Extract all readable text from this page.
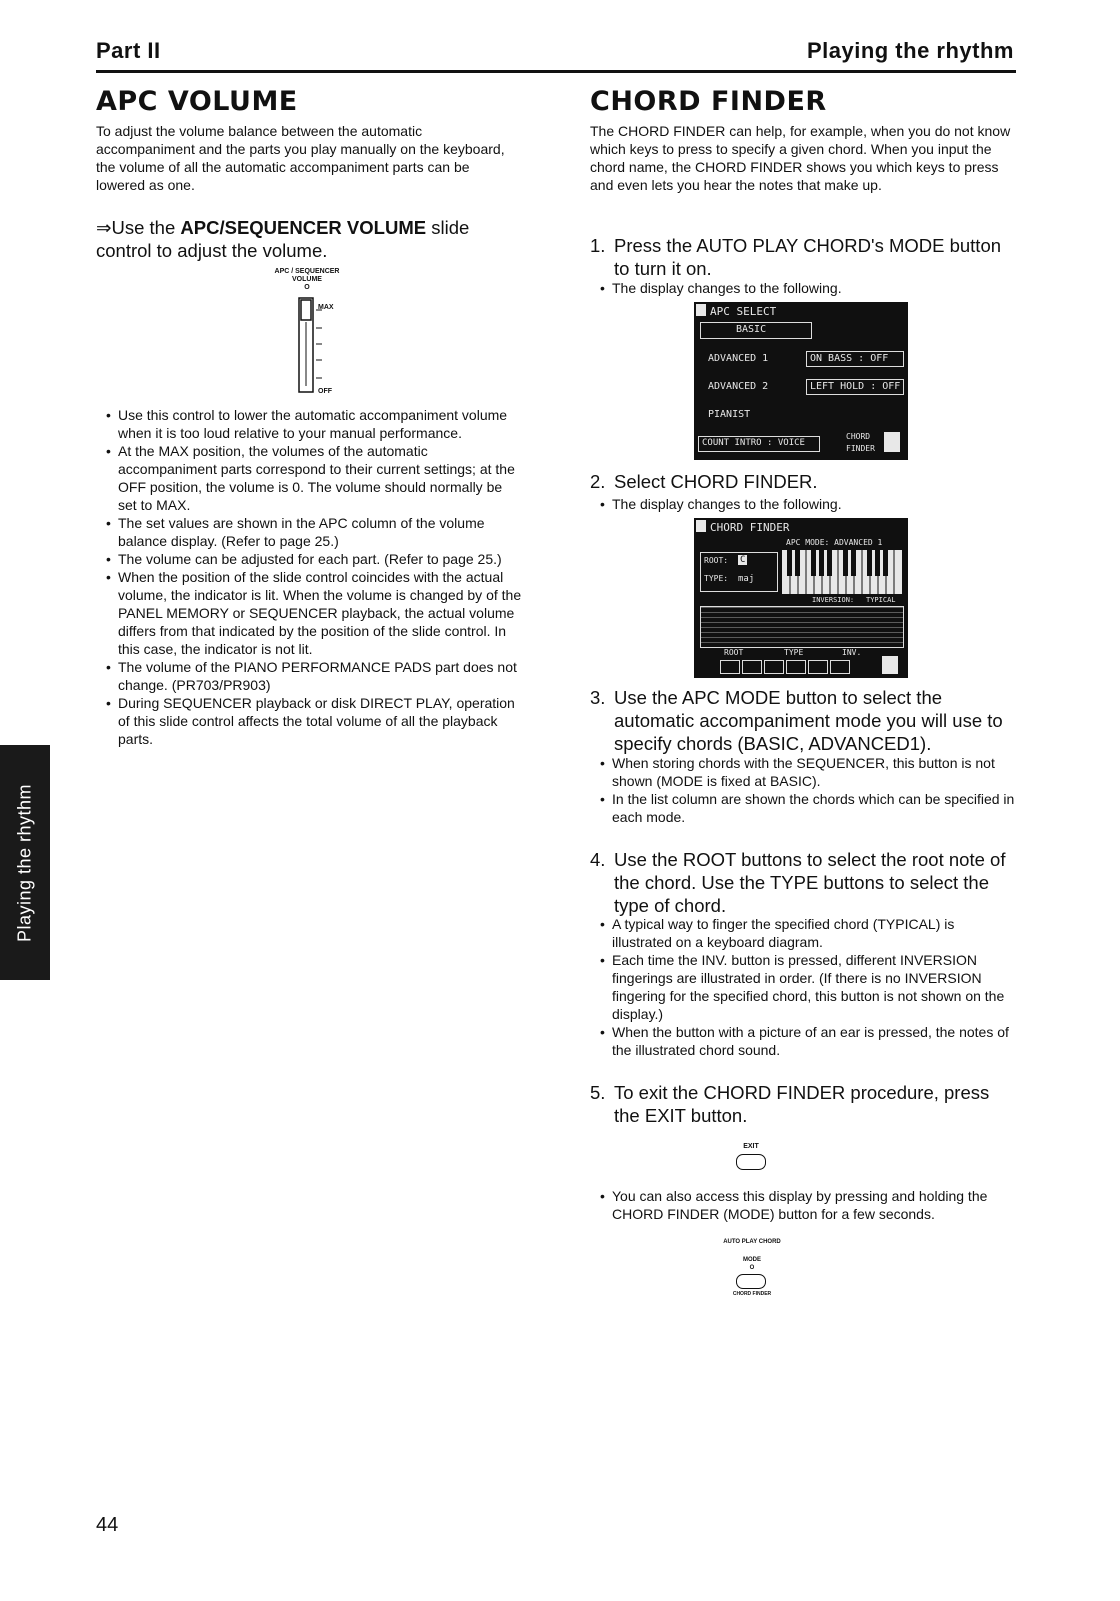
Part II	Playing the rhythm
APC VOLUME
To adjust the volume balance between the automatic accompaniment and the parts you play manually on the keyboard, the volume of all the automatic accompaniment parts can be lowered as one.
⇒Use the APC/SEQUENCER VOLUME slide control to adjust the volume.
APC / SEQUENCER
VOLUME
O
MAX
OFF
• Use this control to lower the automatic accompaniment volume when it is too loud relative to your manual performance.
• At the MAX position, the volumes of the automatic accompaniment parts correspond to their current settings; at the OFF position, the volume is 0. The volume should normally be set to MAX.
• The set values are shown in the APC column of the volume balance display. (Refer to page 25.)
• The volume can be adjusted for each part. (Refer to page 25.)
• When the position of the slide control coincides with the actual volume, the indicator is lit. When the volume is changed by of the PANEL MEMORY or SEQUENCER playback, the actual volume differs from that indicated by the position of the slide control. In this case, the indicator is not lit.
• The volume of the PIANO PERFORMANCE PADS part does not change. (PR703/PR903)
• During SEQUENCER playback or disk DIRECT PLAY, operation of this slide control affects the total volume of all the playback parts.
CHORD FINDER
The CHORD FINDER can help, for example, when you do not know which keys to press to specify a given chord. When you input the chord name, the CHORD FINDER shows you which keys to press and even lets you hear the notes that make up.
1. Press the AUTO PLAY CHORD's MODE button to turn it on.
• The display changes to the following.
APC SELECT
BASIC
ADVANCED 1	ON BASS : OFF
ADVANCED 2	LEFT HOLD : OFF
PIANIST
COUNT INTRO : VOICE
CHORD
FINDER
2. Select CHORD FINDER.
• The display changes to the following.
CHORD FINDER
APC MODE: ADVANCED 1
ROOT: C
TYPE: maj
INVERSION: TYPICAL
ROOT	TYPE	INV.
3. Use the APC MODE button to select the automatic accompaniment mode you will use to specify chords (BASIC, ADVANCED1).
• When storing chords with the SEQUENCER, this button is not shown (MODE is fixed at BASIC).
• In the list column are shown the chords which can be specified in each mode.
4. Use the ROOT buttons to select the root note of the chord. Use the TYPE buttons to select the type of chord.
• A typical way to finger the specified chord (TYPICAL) is illustrated on a keyboard diagram.
• Each time the INV. button is pressed, different INVERSION fingerings are illustrated in order. (If there is no INVERSION fingering for the specified chord, this button is not shown on the display.)
• When the button with a picture of an ear is pressed, the notes of the illustrated chord sound.
5. To exit the CHORD FINDER procedure, press the EXIT button.
EXIT
• You can also access this display by pressing and holding the CHORD FINDER (MODE) button for a few seconds.
AUTO PLAY CHORD
MODE
O
CHORD FINDER
Playing the rhythm
44
